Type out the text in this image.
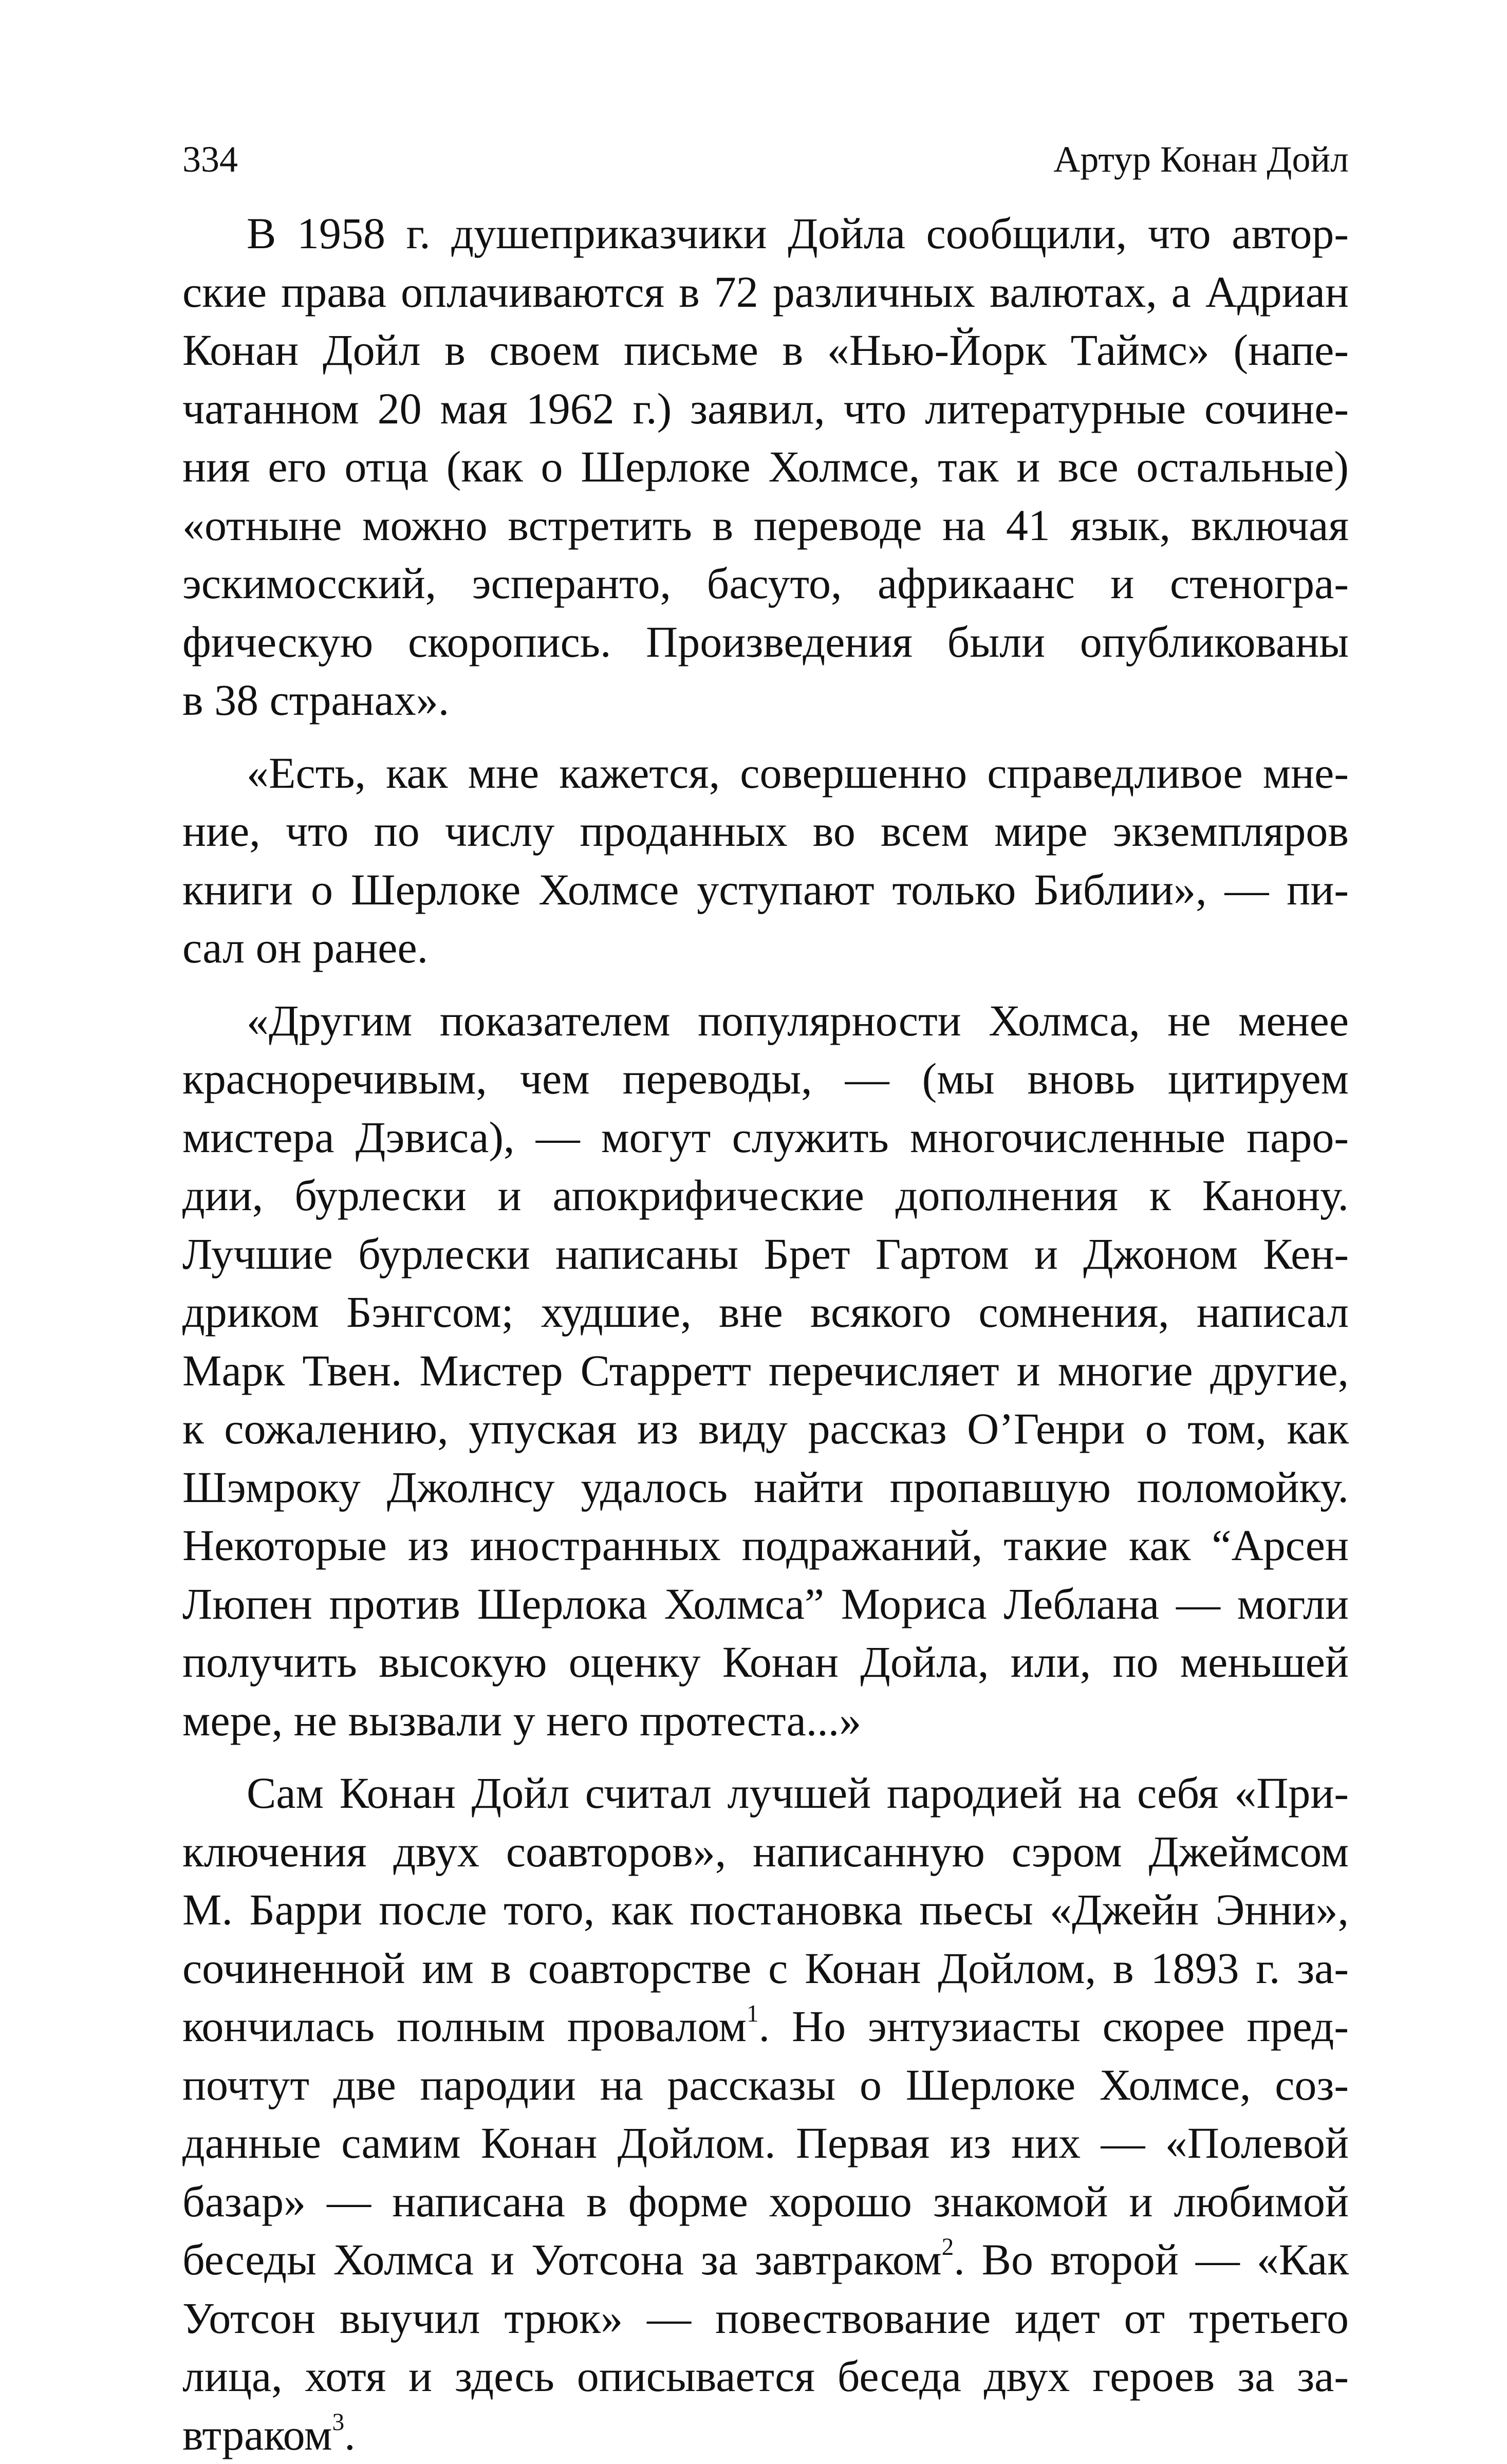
334	Артур Конан Дойл
В 1958 г. душеприказчики Дойла сообщили, что автор-
ские права оплачиваются в 72 различных валютах, а Адриан
Конан Дойл в своем письме в «Нью-Йорк Таймс» (напе-
чатанном 20 мая 1962 г.) заявил, что литературные сочине-
ния его отца (как о Шерлоке Холмсе, так и все остальные)
«отныне можно встретить в переводе на 41 язык, включая
эскимосский, эсперанто, басуто, африкаанс и стеногра-
фическую скоропись. Произведения были опубликованы
в 38 странах».
«Есть, как мне кажется, совершенно справедливое мне-
ние, что по числу проданных во всем мире экземпляров
книги о Шерлоке Холмсе уступают только Библии», — пи-
сал он ранее.
«Другим показателем популярности Холмса, не менее
красноречивым, чем переводы, — (мы вновь цитируем
мистера Дэвиса), — могут служить многочисленные паро-
дии, бурлески и апокрифические дополнения к Канону.
Лучшие бурлески написаны Брет Гартом и Джоном Кен-
дриком Бэнгсом; худшие, вне всякого сомнения, написал
Марк Твен. Мистер Старретт перечисляет и многие другие,
к сожалению, упуская из виду рассказ О’Генри о том, как
Шэмроку Джолнсу удалось найти пропавшую поломойку.
Некоторые из иностранных подражаний, такие как “Арсен
Люпен против Шерлока Холмса” Мориса Леблана — могли
получить высокую оценку Конан Дойла, или, по меньшей
мере, не вызвали у него протеста...»
Сам Конан Дойл считал лучшей пародией на себя «При-
ключения двух соавторов», написанную сэром Джеймсом
М. Барри после того, как постановка пьесы «Джейн Энни»,
сочиненной им в соавторстве с Конан Дойлом, в 1893 г. за-
кончилась полным провалом$^1$. Но энтузиасты скорее пред-
почтут две пародии на рассказы о Шерлоке Холмсе, соз-
данные самим Конан Дойлом. Первая из них — «Полевой
базар» — написана в форме хорошо знакомой и любимой
беседы Холмса и Уотсона за завтраком$^2$. Во второй — «Как
Уотсон выучил трюк» — повествование идет от третьего
лица, хотя и здесь описывается беседа двух героев за за-
втраком$^3$.
